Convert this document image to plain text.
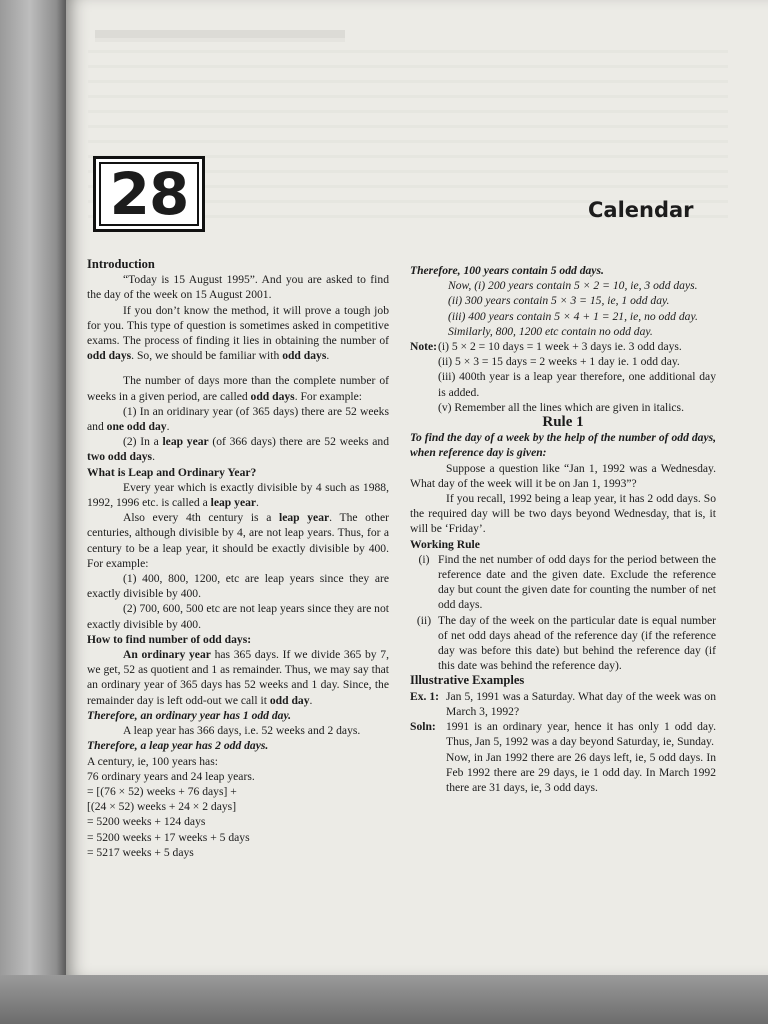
28	Calendar

Introduction

“Today is 15 August 1995”. And you are asked to find the day of the week on 15 August 2001.

If you don’t know the method, it will prove a tough job for you. This type of question is sometimes asked in competitive exams. The process of finding it lies in obtaining the number of odd days. So, we should be familiar with odd days.

The number of days more than the complete number of weeks in a given period, are called odd days. For example:

(1) In an oridinary year (of 365 days) there are 52 weeks and one odd day.

(2) In a leap year (of 366 days) there are 52 weeks and two odd days.

What is Leap and Ordinary Year?

Every year which is exactly divisible by 4 such as 1988, 1992, 1996 etc. is called a leap year.

Also every 4th century is a leap year. The other centuries, although divisible by 4, are not leap years. Thus, for a century to be a leap year, it should be exactly divisible by 400. For example:

(1) 400, 800, 1200, etc are leap years since they are exactly divisible by 400.

(2) 700, 600, 500 etc are not leap years since they are not exactly divisible by 400.

How to find number of odd days:

An ordinary year has 365 days. If we divide 365 by 7, we get, 52 as quotient and 1 as remainder. Thus, we may say that an ordinary year of 365 days has 52 weeks and 1 day. Since, the remainder day is left odd-out we call it odd day.

Therefore, an ordinary year has 1 odd day.

A leap year has 366 days, i.e. 52 weeks and 2 days.

Therefore, a leap year has 2 odd days.

A century, ie, 100 years has:

76 ordinary years and 24 leap years.

= [(76 × 52) weeks + 76 days] +

[(24 × 52) weeks + 24 × 2 days]

= 5200 weeks + 124 days

= 5200 weeks + 17 weeks + 5 days

= 5217 weeks + 5 days

Therefore, 100 years contain 5 odd days.

Now, (i) 200 years contain 5 × 2 = 10, ie, 3 odd days.

(ii) 300 years contain 5 × 3 = 15, ie, 1 odd day.

(iii) 400 years contain 5 × 4 + 1 = 21, ie, no odd day.

Similarly, 800, 1200 etc contain no odd day.

Note: (i) 5 × 2 = 10 days = 1 week + 3 days ie. 3 odd days.

(ii) 5 × 3 = 15 days = 2 weeks + 1 day ie. 1 odd day.

(iii) 400th year is a leap year therefore, one additional day is added.

(v) Remember all the lines which are given in italics.

Rule 1

To find the day of a week by the help of the number of odd days, when reference day is given:

Suppose a question like “Jan 1, 1992 was a Wednesday. What day of the week will it be on Jan 1, 1993”?

If you recall, 1992 being a leap year, it has 2 odd days. So the required day will be two days beyond Wednesday, that is, it will be ‘Friday’.

Working Rule

(i) Find the net number of odd days for the period between the reference date and the given date. Exclude the reference day but count the given date for counting the number of net odd days.
(ii) The day of the week on the particular date is equal number of net odd days ahead of the reference day (if the reference day was before this date) but behind the reference day (if this date was behind the reference day).

Illustrative Examples

Ex. 1: Jan 5, 1991 was a Saturday. What day of the week was on March 3, 1992?
Soln: 1991 is an ordinary year, hence it has only 1 odd day. Thus, Jan 5, 1992 was a day beyond Saturday, ie, Sunday.

Now, in Jan 1992 there are 26 days left, ie, 5 odd days. In Feb 1992 there are 29 days, ie 1 odd day. In March 1992 there are 31 days, ie, 3 odd days.
